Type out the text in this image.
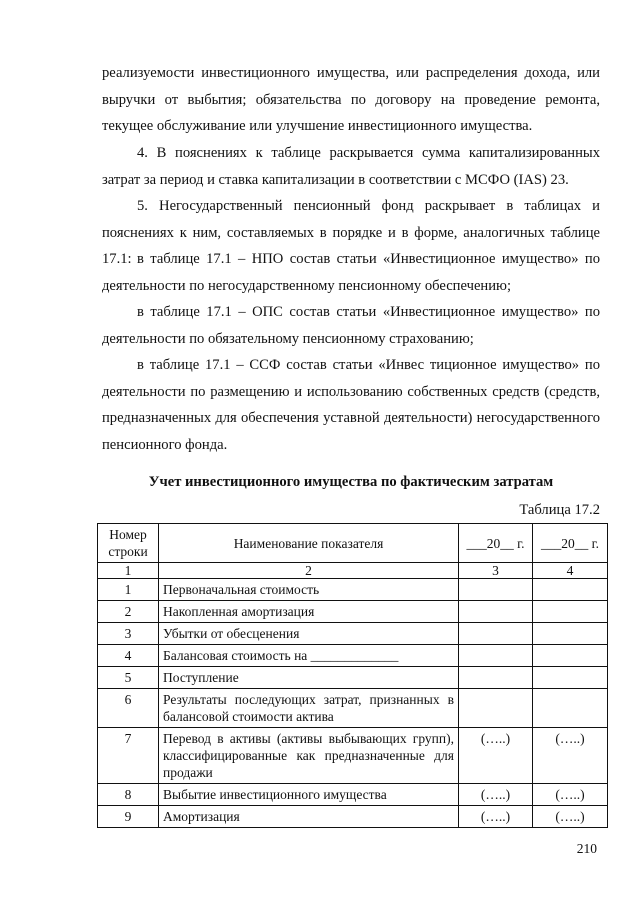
реализуемости инвестиционного имущества, или распределения дохода, или выручки от выбытия; обязательства по договору на проведение ремонта, текущее обслуживание или улучшение инвестиционного имущества.

4. В пояснениях к таблице раскрывается сумма капитализированных затрат за период и ставка капитализации в соответствии с МСФО (IAS) 23.

5. Негосударственный пенсионный фонд раскрывает в таблицах и пояснениях к ним, составляемых в порядке и в форме, аналогичных таблице 17.1: в таблице 17.1 – НПО состав статьи «Инвестиционное имущество» по деятельности по негосударственному пенсионному обеспечению;

в таблице 17.1 – ОПС состав статьи «Инвестиционное имущество» по деятельности по обязательному пенсионному страхованию;

в таблице 17.1 – ССФ состав статьи «Инвес тиционное имущество» по деятельности по размещению и использованию собственных средств (средств, предназначенных для обеспечения уставной деятельности) негосударственного пенсионного фонда.

Учет инвестиционного имущества по фактическим затратам
Таблица 17.2
Номер строки	Наименование показателя	___20__ г.	___20__ г.
1	2	3	4
1	Первоначальная стоимость		
2	Накопленная амортизация		
3	Убытки от обесценения		
4	Балансовая стоимость на _____________		
5	Поступление		
6	Результаты последующих затрат, признанных в балансовой стоимости актива		
7	Перевод в активы (активы выбывающих групп), классифицированные как предназначенные для продажи	(…..)	(…..)
8	Выбытие инвестиционного имущества	(…..)	(…..)
9	Амортизация	(…..)	(…..)
210
